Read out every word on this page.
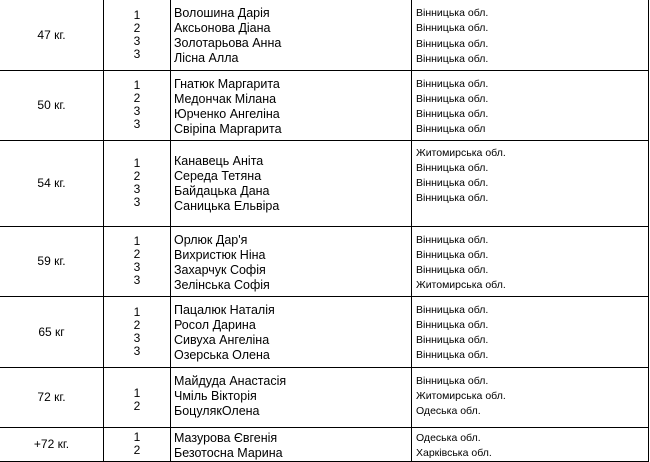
47 кг.	1
2
3
3	Волошина Дарія
Аксьонова Діана
Золотарьова Анна
Лісна Алла	Вінницька обл.
Вінницька обл.
Вінницька обл.
Вінницька обл.

50 кг.	1
2
3
3	Гнатюк Маргарита
Медончак Мілана
Юрченко Ангеліна
Свіріпа Маргарита	Вінницька обл.
Вінницька обл.
Вінницька обл.
Вінницька обл

54 кг.	1
2
3
3	Канавець Аніта
Середа Тетяна
Байдацька Дана
Саницька Ельвіра	Житомирська обл.
Вінницька обл.
Вінницька обл.
Вінницька обл.

59 кг.	1
2
3
3	Орлюк Дар'я
Вихристюк Ніна
Захарчук Софія
Зелінська Софія	Вінницька обл.
Вінницька обл.
Вінницька обл.
Житомирська обл.

65 кг	1
2
3
3	Пацалюк Наталія
Росол Дарина
Сивуха Ангеліна
Озерська Олена	Вінницька обл.
Вінницька обл.
Вінницька обл.
Вінницька обл.

72 кг.	1
2	Майдуда Анастасія
Чміль Вікторія
БоцулякОлена	Вінницька обл.
Житомирська обл.
Одеська обл.

+72 кг.	1
2	Мазурова Євгенія
Безотосна Марина	Одеська обл.
Харківська обл.
